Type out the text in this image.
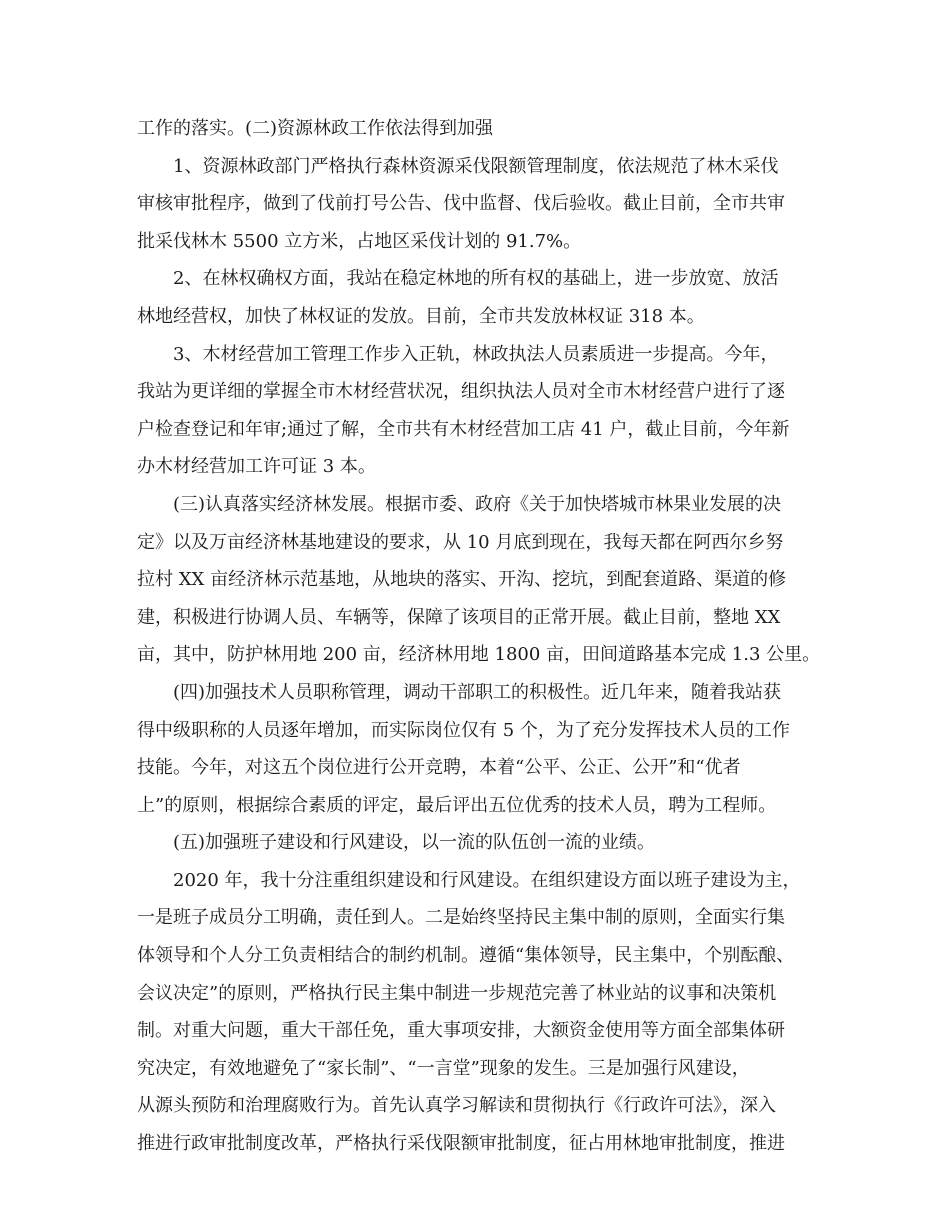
工作的落实。(二)资源林政工作依法得到加强
1、资源林政部门严格执行森林资源采伐限额管理制度，依法规范了林木采伐
审核审批程序，做到了伐前打号公告、伐中监督、伐后验收。截止目前，全市共审
批采伐林木 5500 立方米，占地区采伐计划的 91.7%。
2、在林权确权方面，我站在稳定林地的所有权的基础上，进一步放宽、放活
林地经营权，加快了林权证的发放。目前，全市共发放林权证 318 本。
3、木材经营加工管理工作步入正轨，林政执法人员素质进一步提高。今年，
我站为更详细的掌握全市木材经营状况，组织执法人员对全市木材经营户进行了逐
户检查登记和年审;通过了解，全市共有木材经营加工店 41 户，截止目前，今年新
办木材经营加工许可证 3 本。
(三)认真落实经济林发展。根据市委、政府《关于加快塔城市林果业发展的决
定》以及万亩经济林基地建设的要求，从 10 月底到现在，我每天都在阿西尔乡努
拉村 XX 亩经济林示范基地，从地块的落实、开沟、挖坑，到配套道路、渠道的修
建，积极进行协调人员、车辆等，保障了该项目的正常开展。截止目前，整地 XX
亩，其中，防护林用地 200 亩，经济林用地 1800 亩，田间道路基本完成 1.3 公里。
(四)加强技术人员职称管理，调动干部职工的积极性。近几年来，随着我站获
得中级职称的人员逐年增加，而实际岗位仅有 5 个，为了充分发挥技术人员的工作
技能。今年，对这五个岗位进行公开竞聘，本着“公平、公正、公开”和“优者
上”的原则，根据综合素质的评定，最后评出五位优秀的技术人员，聘为工程师。
(五)加强班子建设和行风建设，以一流的队伍创一流的业绩。
2020 年，我十分注重组织建设和行风建设。在组织建设方面以班子建设为主，
一是班子成员分工明确，责任到人。二是始终坚持民主集中制的原则，全面实行集
体领导和个人分工负责相结合的制约机制。遵循“集体领导，民主集中，个别酝酿、
会议决定”的原则，严格执行民主集中制进一步规范完善了林业站的议事和决策机
制。对重大问题，重大干部任免，重大事项安排，大额资金使用等方面全部集体研
究决定，有效地避免了“家长制”、“一言堂”现象的发生。三是加强行风建设，
从源头预防和治理腐败行为。首先认真学习解读和贯彻执行《行政许可法》，深入
推进行政审批制度改革，严格执行采伐限额审批制度，征占用林地审批制度，推进
